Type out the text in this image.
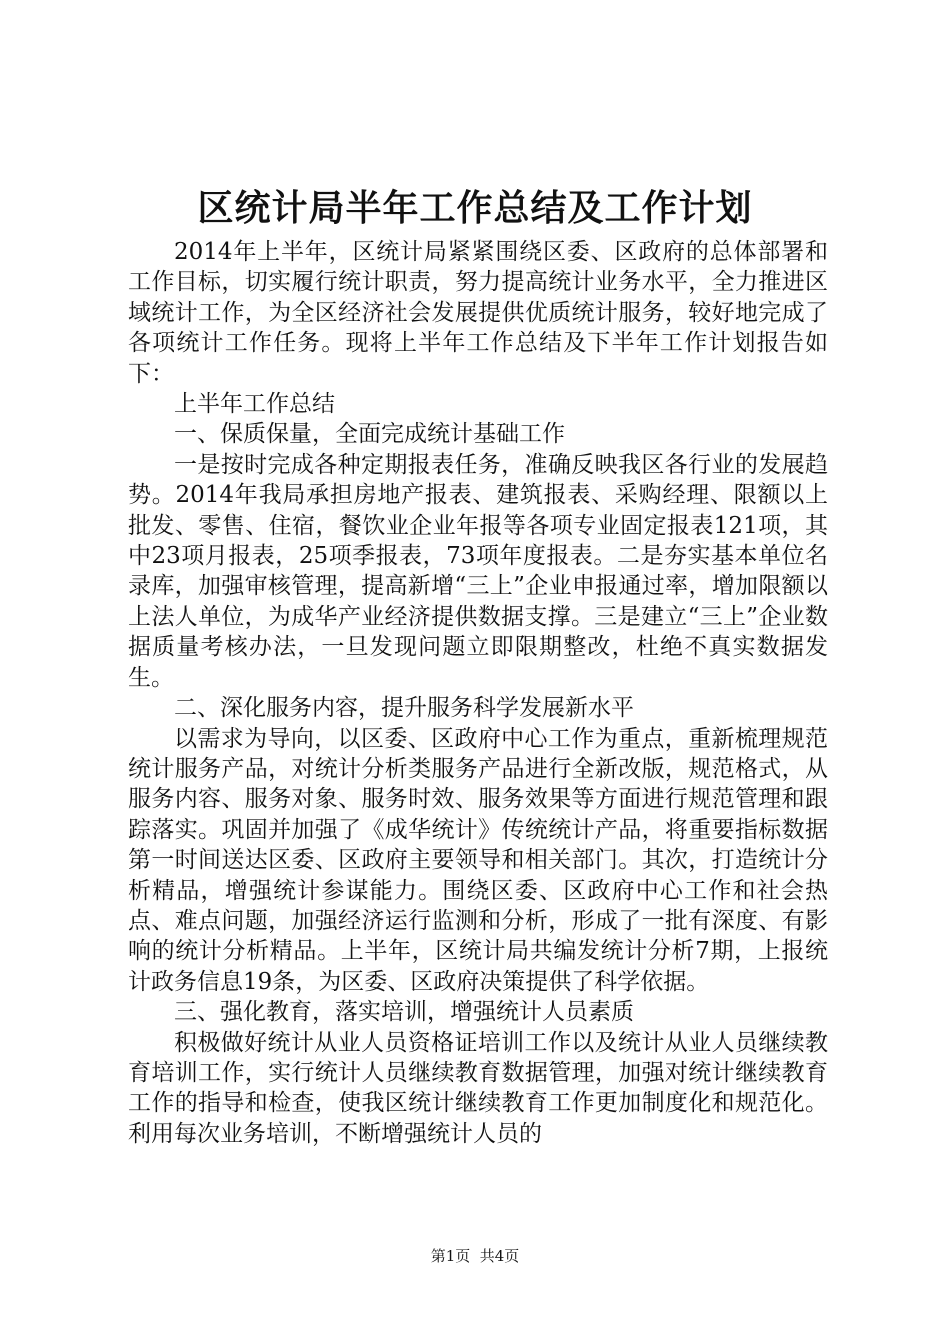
区统计局半年工作总结及工作计划

2014年上半年，区统计局紧紧围绕区委、区政府的总体部署和工作目标，切实履行统计职责，努力提高统计业务水平，全力推进区域统计工作，为全区经济社会发展提供优质统计服务，较好地完成了各项统计工作任务。现将上半年工作总结及下半年工作计划报告如下：

上半年工作总结

一、保质保量，全面完成统计基础工作

一是按时完成各种定期报表任务，准确反映我区各行业的发展趋势。2014年我局承担房地产报表、建筑报表、采购经理、限额以上批发、零售、住宿，餐饮业企业年报等各项专业固定报表121项，其中23项月报表，25项季报表，73项年度报表。二是夯实基本单位名录库，加强审核管理，提高新增“三上”企业申报通过率，增加限额以上法人单位，为成华产业经济提供数据支撑。三是建立“三上”企业数据质量考核办法，一旦发现问题立即限期整改，杜绝不真实数据发生。

二、深化服务内容，提升服务科学发展新水平

以需求为导向，以区委、区政府中心工作为重点，重新梳理规范统计服务产品，对统计分析类服务产品进行全新改版，规范格式，从服务内容、服务对象、服务时效、服务效果等方面进行规范管理和跟踪落实。巩固并加强了《成华统计》传统统计产品，将重要指标数据第一时间送达区委、区政府主要领导和相关部门。其次，打造统计分析精品，增强统计参谋能力。围绕区委、区政府中心工作和社会热点、难点问题，加强经济运行监测和分析，形成了一批有深度、有影响的统计分析精品。上半年，区统计局共编发统计分析7期，上报统计政务信息19条，为区委、区政府决策提供了科学依据。

三、强化教育，落实培训，增强统计人员素质

积极做好统计从业人员资格证培训工作以及统计从业人员继续教育培训工作，实行统计人员继续教育数据管理，加强对统计继续教育工作的指导和检查，使我区统计继续教育工作更加制度化和规范化。利用每次业务培训，不断增强统计人员的

第1页  共4页
